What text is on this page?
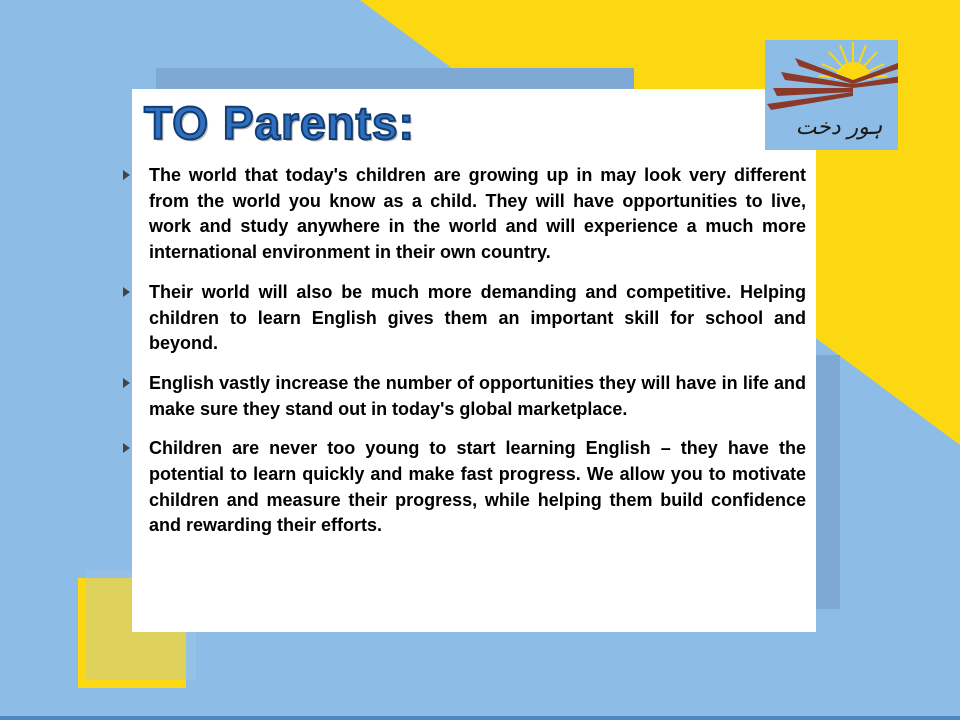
TO Parents:
The world that today's children are growing up in may look very different from the world you know as a child. They will have opportunities to live, work and study anywhere in the world and will experience a much more international environment in their own country.
Their world will also be much more demanding and competitive. Helping children to learn English gives them an important skill for school and beyond.
English vastly increase the number of opportunities they will have in life and make sure they stand out in today's global marketplace.
Children are never too young to start learning English – they have the potential to learn quickly and make fast progress. We allow you to motivate children and measure their progress, while helping them build confidence and rewarding their efforts.
ہور دخت
